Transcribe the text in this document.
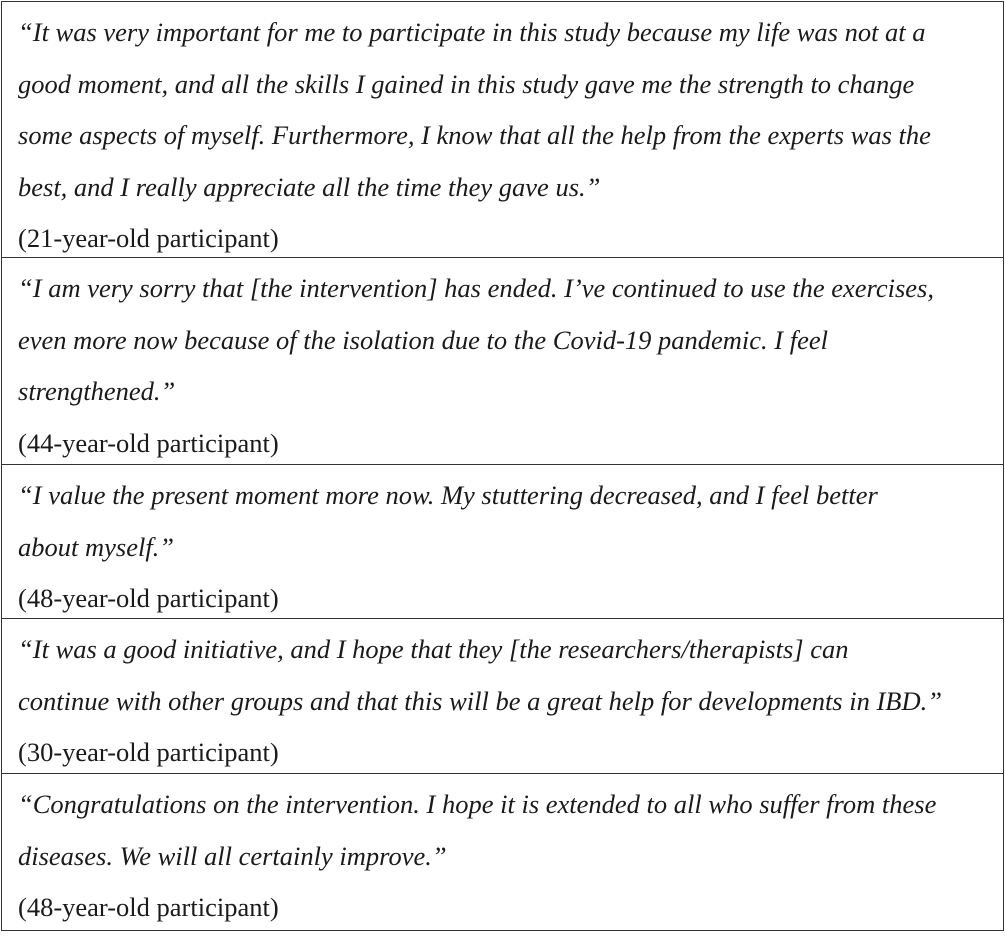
“It was very important for me to participate in this study because my life was not at a
good moment, and all the skills I gained in this study gave me the strength to change
some aspects of myself. Furthermore, I know that all the help from the experts was the
best, and I really appreciate all the time they gave us.”

(21-year-old participant)

“I am very sorry that [the intervention] has ended. I’ve continued to use the exercises,
even more now because of the isolation due to the Covid-19 pandemic. I feel
strengthened.”

(44-year-old participant)

“I value the present moment more now. My stuttering decreased, and I feel better
about myself.”

(48-year-old participant)

“It was a good initiative, and I hope that they [the researchers/therapists] can
continue with other groups and that this will be a great help for developments in IBD.”

(30-year-old participant)

“Congratulations on the intervention. I hope it is extended to all who suffer from these
diseases. We will all certainly improve.”

(48-year-old participant)
